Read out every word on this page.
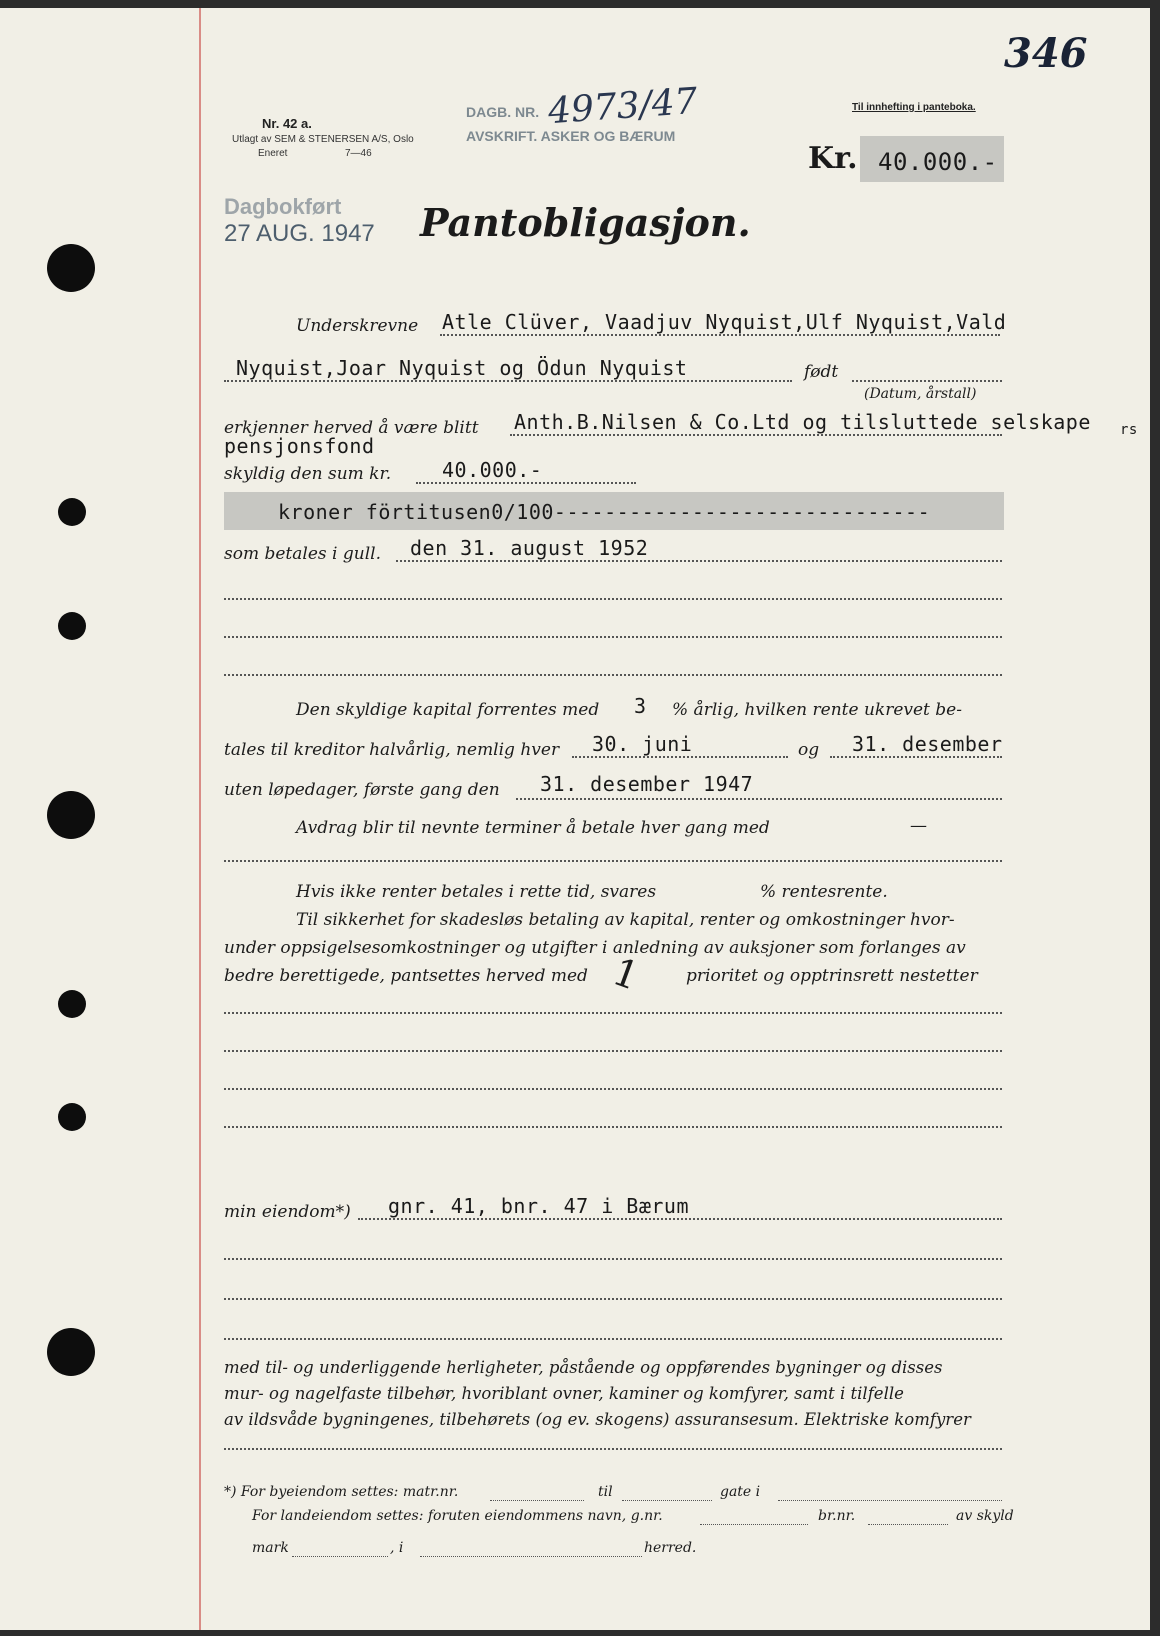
Nr. 42 a.
Utlagt av SEM & STENERSEN A/S, Oslo
Eneret	7—46
Til innhefting i panteboka.
DAGB. NR. 4973/47
AVSKRIFT. ASKER OG BÆRUM
346
Kr. 40.000.-
Dagbokført
27 AUG. 1947 Pantobligasjon.
Underskrevne Atle Clüver, Vaadjuv Nyquist,Ulf Nyquist,Vald
Nyquist,Joar Nyquist og Ödun Nyquist	født
(Datum, årstall)
erkjenner herved å være blitt Anth.B.Nilsen & Co.Ltd og tilsluttede selskape rs
pensjonsfond
skyldig den sum kr.	40.000.-
kroner förtitusen0/100------------------------------
som betales i gull. den 31. august 1952
Den skyldige kapital forrentes med 3 % årlig, hvilken rente ukrevet be-
tales til kreditor halvårlig, nemlig hver 30. juni	og 31. desember
uten løpedager, første gang den 31. desember 1947
Avdrag blir til nevnte terminer å betale hver gang med	—
Hvis ikke renter betales i rette tid, svares	% rentesrente.
Til sikkerhet for skadesløs betaling av kapital, renter og omkostninger hvor-
under oppsigelsesomkostninger og utgifter i anledning av auksjoner som forlanges av
bedre berettigede, pantsettes herved med 1 prioritet og opptrinsrett nestetter
min eiendom*) gnr. 41, bnr. 47 i Bærum
med til- og underliggende herligheter, påstående og oppførendes bygninger og disses
mur- og nagelfaste tilbehør, hvoriblant ovner, kaminer og komfyrer, samt i tilfelle
av ildsvåde bygningenes, tilbehørets (og ev. skogens) assuransesum. Elektriske komfyrer
*) For byeiendom settes: matr.nr.	til	gate i
For landeiendom settes: foruten eiendommens navn, g.nr.	br.nr.	av skyld
mark	, i	herred.
